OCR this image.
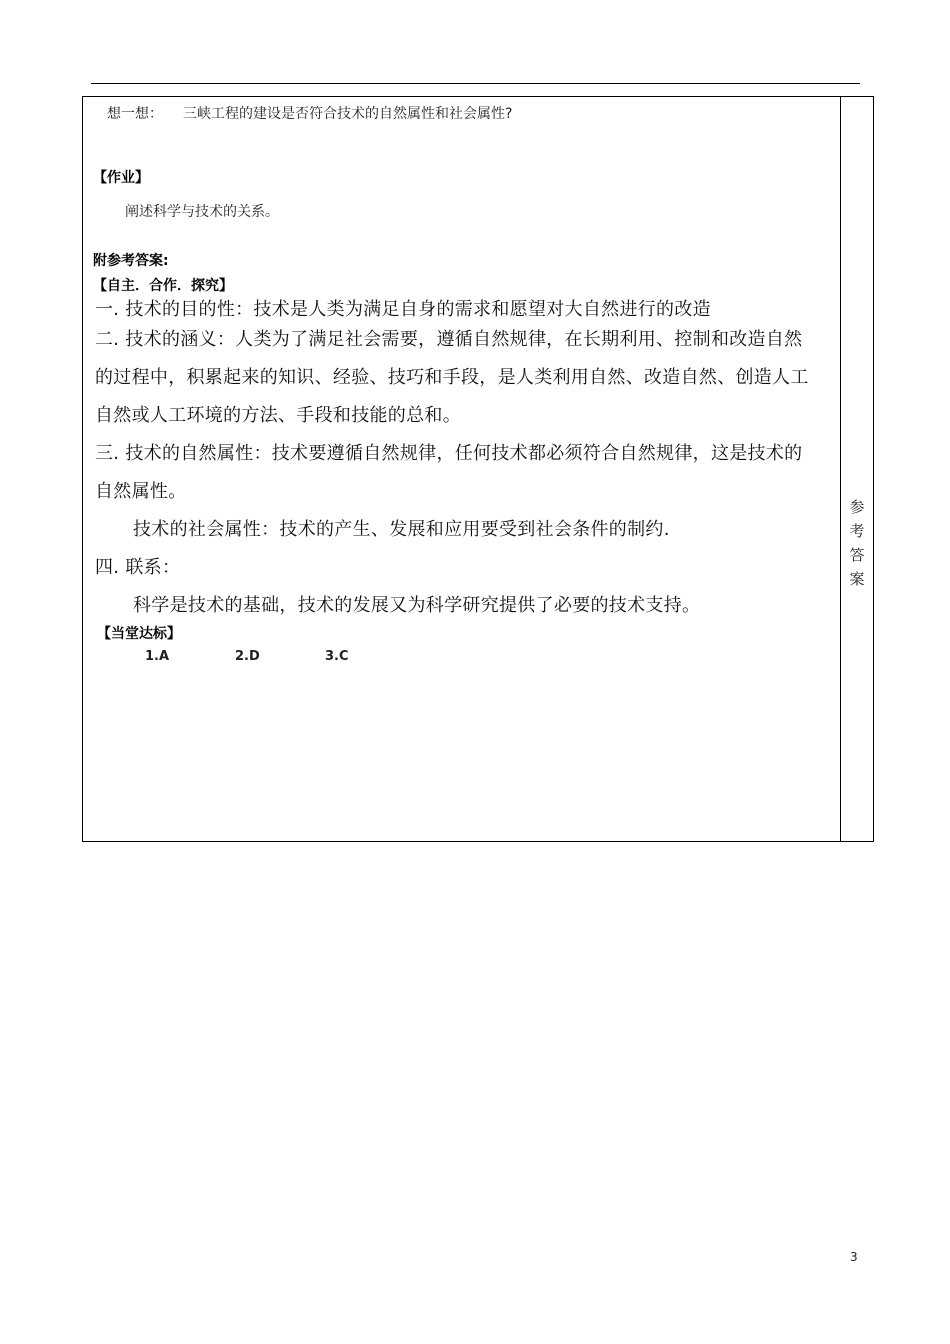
想一想： 三峡工程的建设是否符合技术的自然属性和社会属性?
【作业】
阐述科学与技术的关系。
附参考答案:
【自主．合作．探究】
一. 技术的目的性：技术是人类为满足自身的需求和愿望对大自然进行的改造
二. 技术的涵义：人类为了满足社会需要，遵循自然规律，在长期利用、控制和改造自然
的过程中，积累起来的知识、经验、技巧和手段，是人类利用自然、改造自然、创造人工
自然或人工环境的方法、手段和技能的总和。
三. 技术的自然属性：技术要遵循自然规律，任何技术都必须符合自然规律，这是技术的
自然属性。
技术的社会属性：技术的产生、发展和应用要受到社会条件的制约.
四. 联系：
科学是技术的基础，技术的发展又为科学研究提供了必要的技术支持。
【当堂达标】
1.A	2.D	3.C
参
考
答
案
3
